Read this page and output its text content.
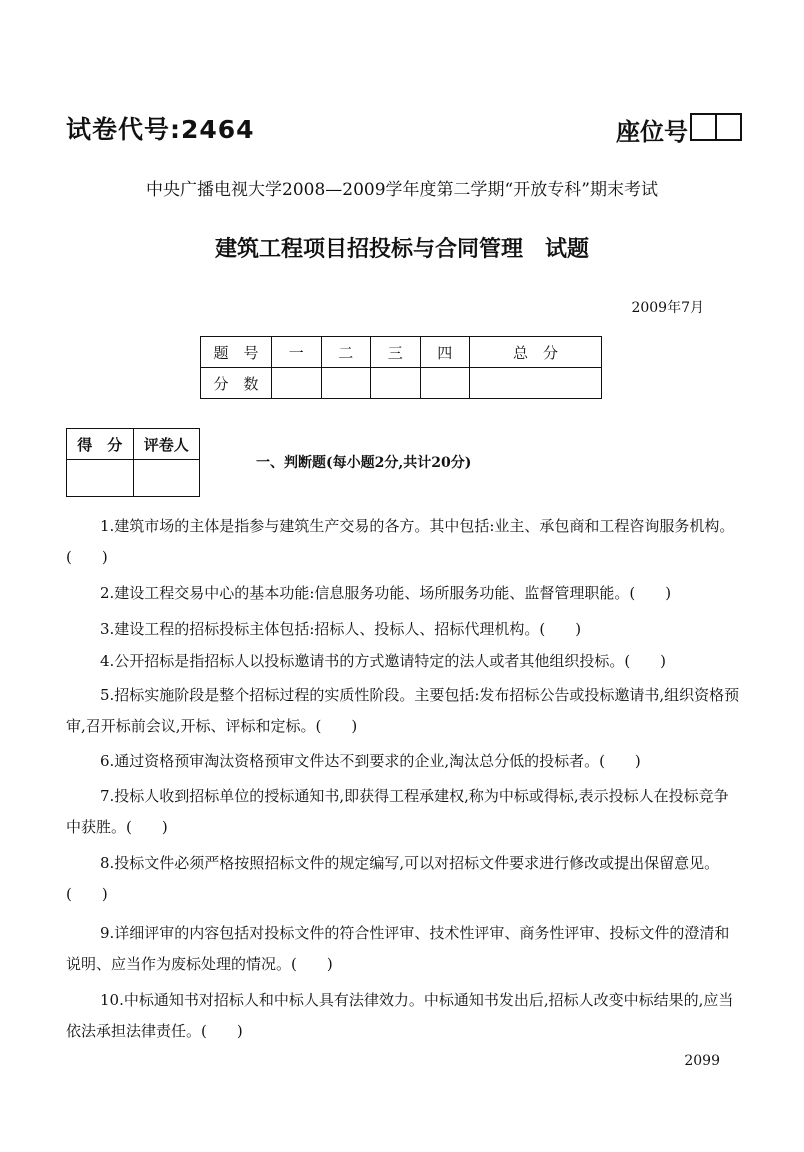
试卷代号:2464	座位号
中央广播电视大学2008—2009学年度第二学期“开放专科”期末考试
建筑工程项目招投标与合同管理　试题
2009年7月
题　号	一	二	三	四	总　分
分　数					
得　分	评卷人

一、判断题(每小题2分,共计20分)

1.建筑市场的主体是指参与建筑生产交易的各方。其中包括:业主、承包商和工程咨询服务机构。(　　)

2.建设工程交易中心的基本功能:信息服务功能、场所服务功能、监督管理职能。(　　)

3.建设工程的招标投标主体包括:招标人、投标人、招标代理机构。(　　)

4.公开招标是指招标人以投标邀请书的方式邀请特定的法人或者其他组织投标。(　　)

5.招标实施阶段是整个招标过程的实质性阶段。主要包括:发布招标公告或投标邀请书,组织资格预审,召开标前会议,开标、评标和定标。(　　)

6.通过资格预审淘汰资格预审文件达不到要求的企业,淘汰总分低的投标者。(　　)

7.投标人收到招标单位的授标通知书,即获得工程承建权,称为中标或得标,表示投标人在投标竞争中获胜。(　　)

8.投标文件必须严格按照招标文件的规定编写,可以对招标文件要求进行修改或提出保留意见。(　　)

9.详细评审的内容包括对投标文件的符合性评审、技术性评审、商务性评审、投标文件的澄清和说明、应当作为废标处理的情况。(　　)

10.中标通知书对招标人和中标人具有法律效力。中标通知书发出后,招标人改变中标结果的,应当依法承担法律责任。(　　)

2099
